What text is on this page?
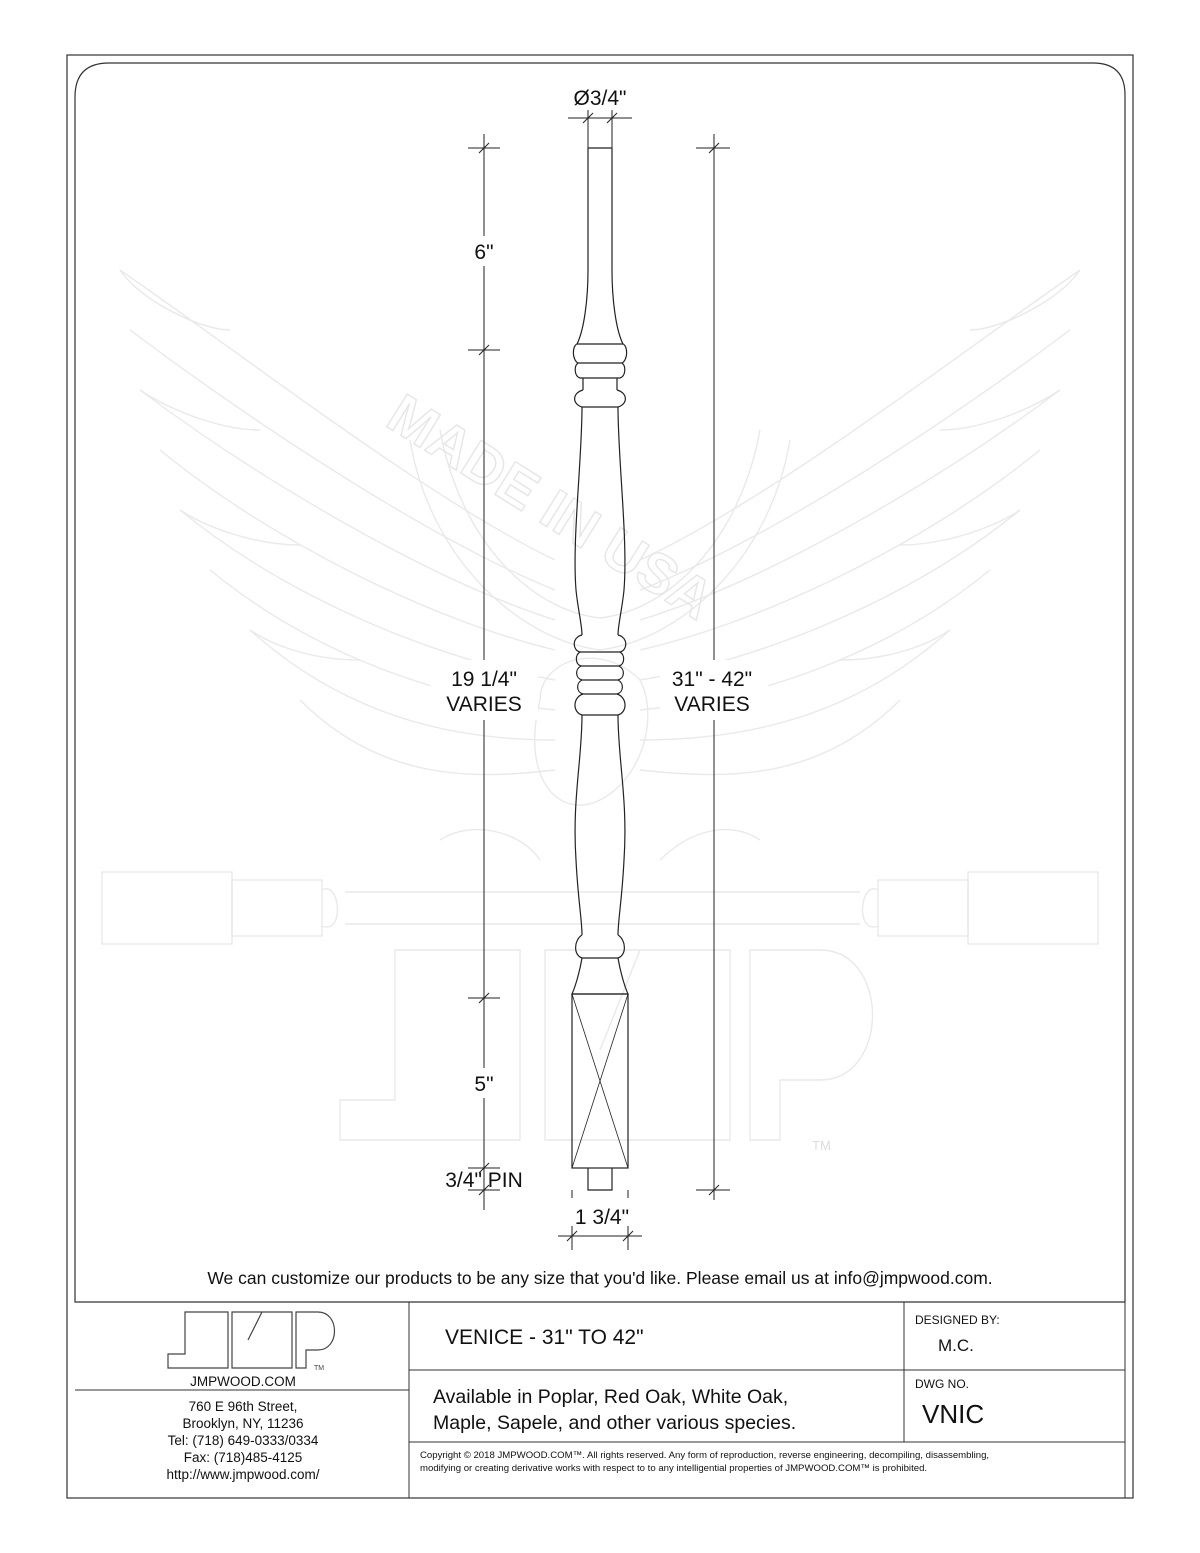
MADE IN USA
TM
Ø3/4"
6"
19 1/4"
VARIES
31" - 42"
VARIES
5"
3/4" PIN
1 3/4"
TM
We can customize our products to be any size that you'd like. Please email us at info@jmpwood.com.
JMPWOOD.COM
760 E 96th Street,
Brooklyn, NY, 11236
Tel: (718) 649-0333/0334
Fax: (718)485-4125
http://www.jmpwood.com/
VENICE - 31" TO 42"
Available in Poplar, Red Oak, White Oak,
Maple, Sapele, and other various species.
Copyright © 2018 JMPWOOD.COM™. All rights reserved. Any form of reproduction, reverse engineering, decompiling, disassembling,
modifying or creating derivative works with respect to to any intelligential properties of JMPWOOD.COM™ is prohibited.
DESIGNED BY:
M.C.
DWG NO.
VNIC
